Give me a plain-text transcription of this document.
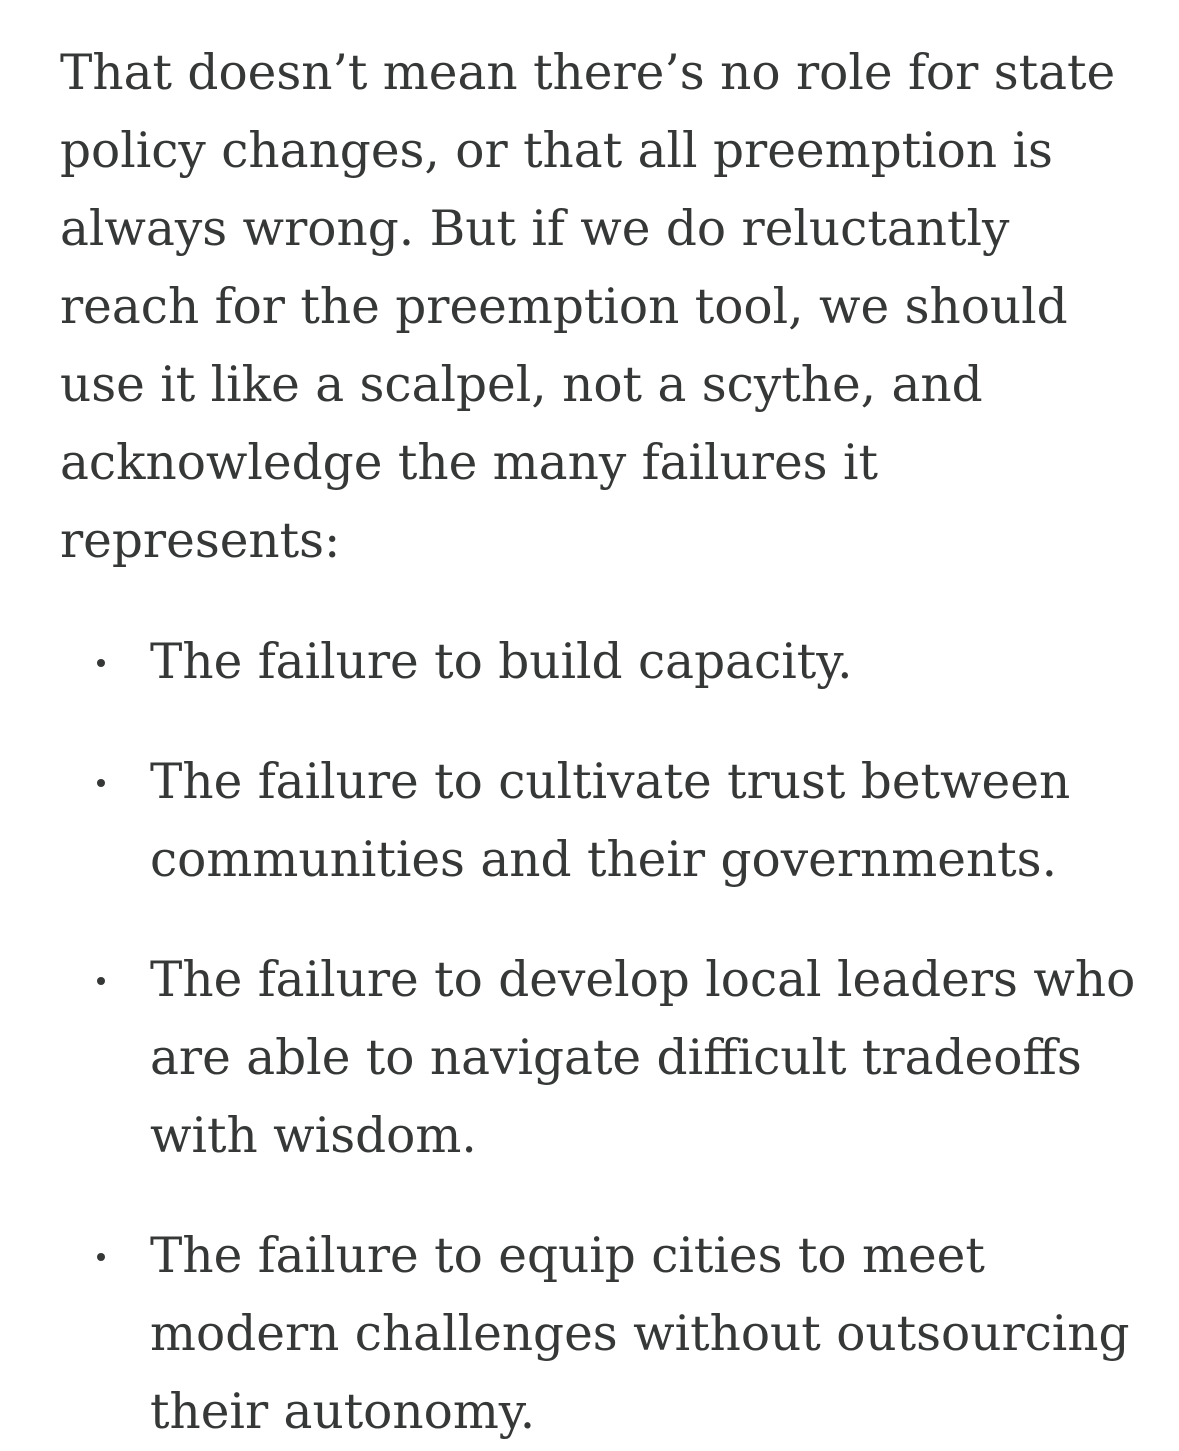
That doesn’t mean there’s no role for state policy changes, or that all preemption is always wrong. But if we do reluctantly reach for the preemption tool, we should use it like a scalpel, not a scythe, and acknowledge the many failures it represents:

The failure to build capacity.
The failure to cultivate trust between communities and their governments.
The failure to develop local leaders who are able to navigate difficult tradeoffs with wisdom.
The failure to equip cities to meet modern challenges without outsourcing their autonomy.
